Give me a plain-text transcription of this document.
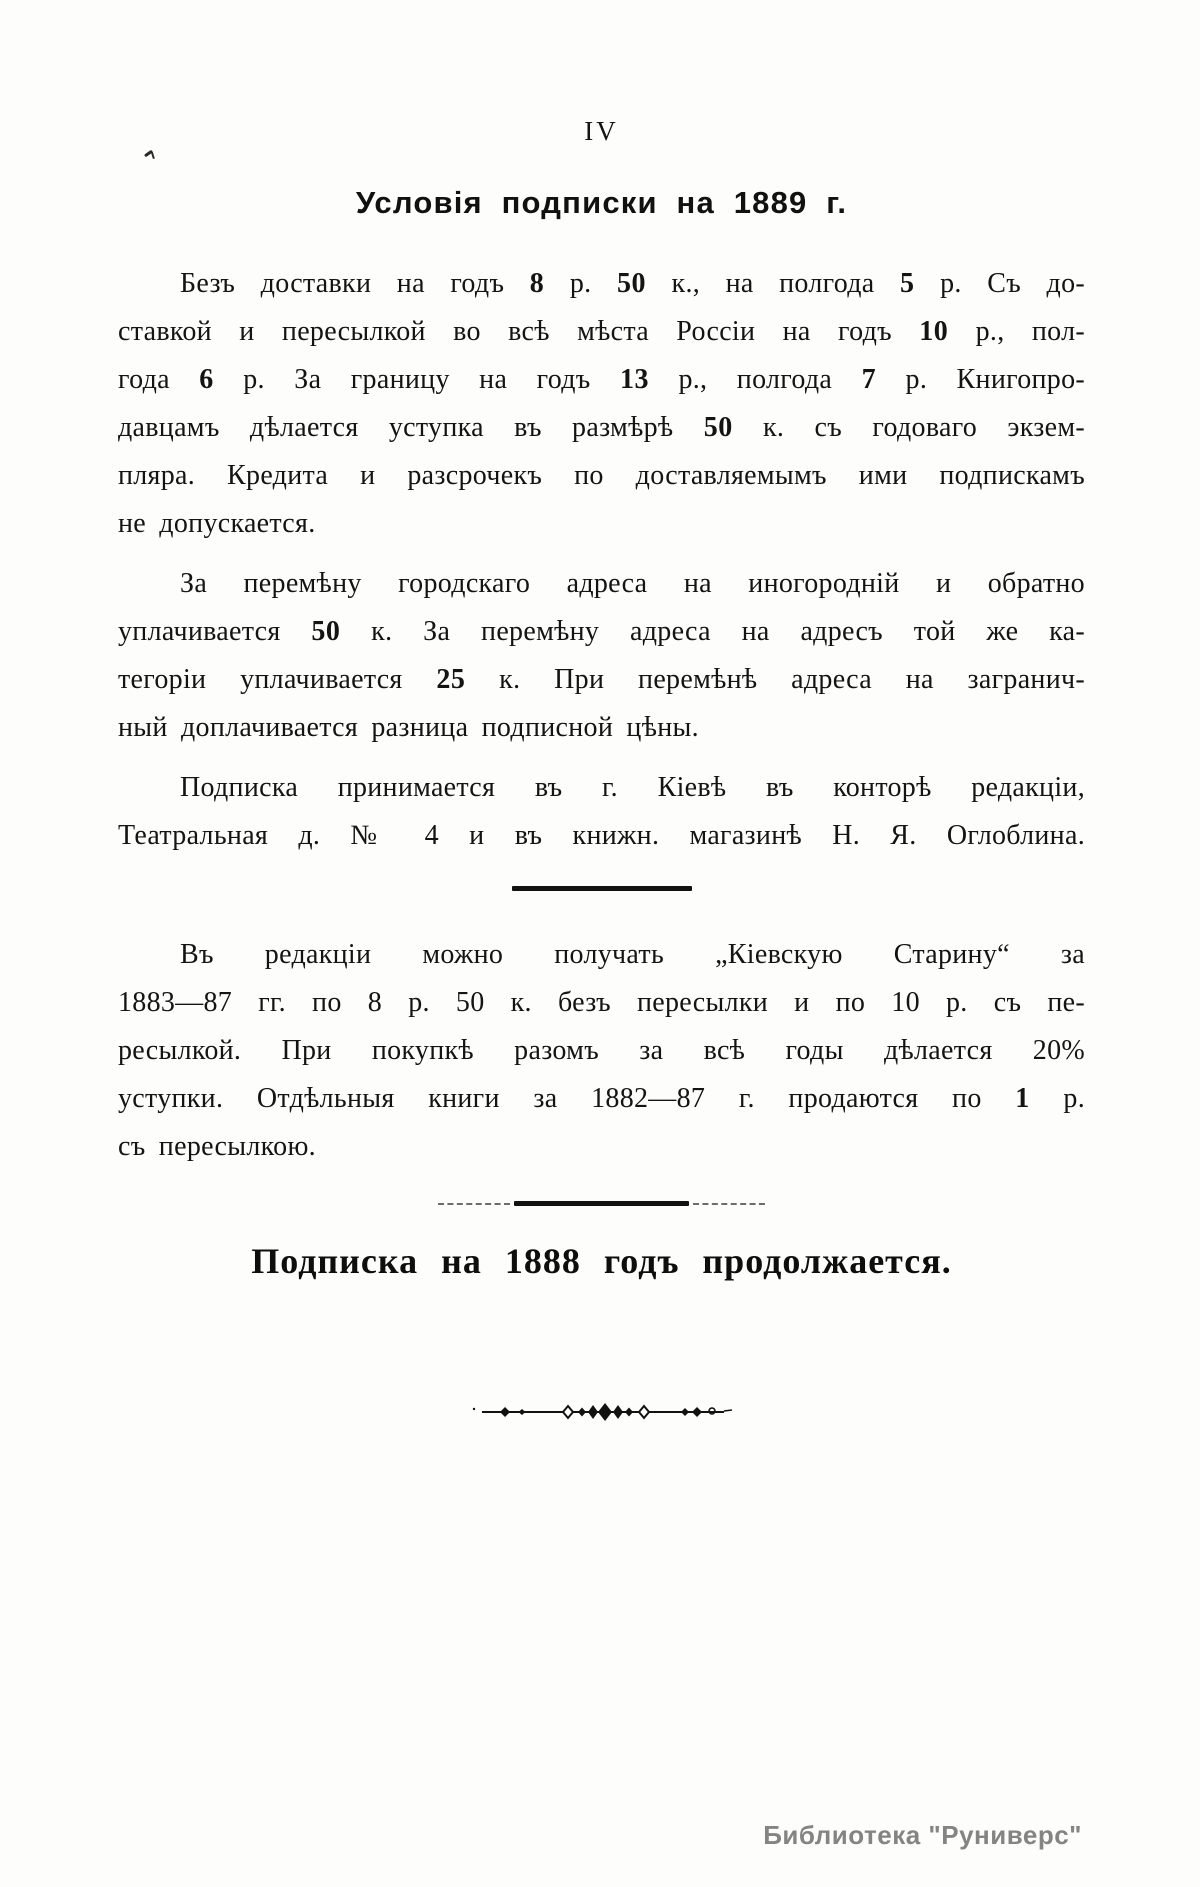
IV
Условія подписки на 1889 г.
Безъ доставки на годъ 8 р. 50 к., на полгода 5 р. Съ до-
ставкой и пересылкой во всѣ мѣста Россіи на годъ 10 р., пол-
года 6 р. За границу на годъ 13 р., полгода 7 р. Книгопро-
давцамъ дѣлается уступка въ размѣрѣ 50 к. съ годоваго экзем-
пляра. Кредита и разсрочекъ по доставляемымъ ими подпискамъ
не допускается.
За перемѣну городскаго адреса на иногородній и обратно
уплачивается 50 к. За перемѣну адреса на адресъ той же ка-
тегоріи уплачивается 25 к. При перемѣнѣ адреса на загранич-
ный доплачивается разница подписной цѣны.
Подписка принимается въ г. Кіевѣ въ конторѣ редакціи,
Театральная д. № 4 и въ книжн. магазинѣ Н. Я. Оглоблина.
Въ редакціи можно получать „Кіевскую Старину“ за
1883—87 гг. по 8 р. 50 к. безъ пересылки и по 10 р. съ пе-
ресылкой. При покупкѣ разомъ за всѣ годы дѣлается 20%
уступки. Отдѣльныя книги за 1882—87 г. продаются по 1 р.
съ пересылкою.
Подписка на 1888 годъ продолжается.
Библиотека "Руниверс"
